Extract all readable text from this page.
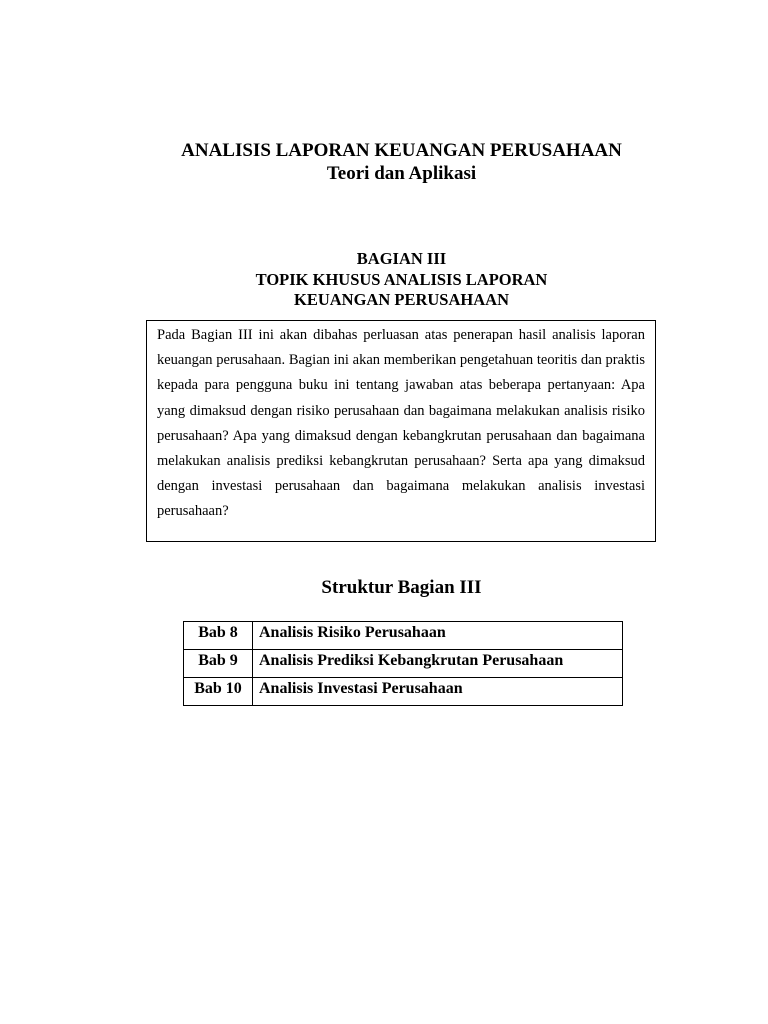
ANALISIS LAPORAN KEUANGAN PERUSAHAAN
Teori dan Aplikasi
BAGIAN III
TOPIK KHUSUS ANALISIS LAPORAN
KEUANGAN PERUSAHAAN

Pada Bagian III ini akan dibahas perluasan atas penerapan hasil analisis laporan keuangan perusahaan. Bagian ini akan memberikan pengetahuan teoritis dan praktis kepada para pengguna buku ini tentang jawaban atas beberapa pertanyaan: Apa yang dimaksud dengan risiko perusahaan dan bagaimana melakukan analisis risiko perusahaan? Apa yang dimaksud dengan kebangkrutan perusahaan dan bagaimana melakukan analisis prediksi kebangkrutan perusahaan? Serta apa yang dimaksud dengan investasi perusahaan dan bagaimana melakukan analisis investasi perusahaan?

Struktur Bagian III
Bab 8	Analisis Risiko Perusahaan
Bab 9	Analisis Prediksi Kebangkrutan Perusahaan
Bab 10	Analisis Investasi Perusahaan
